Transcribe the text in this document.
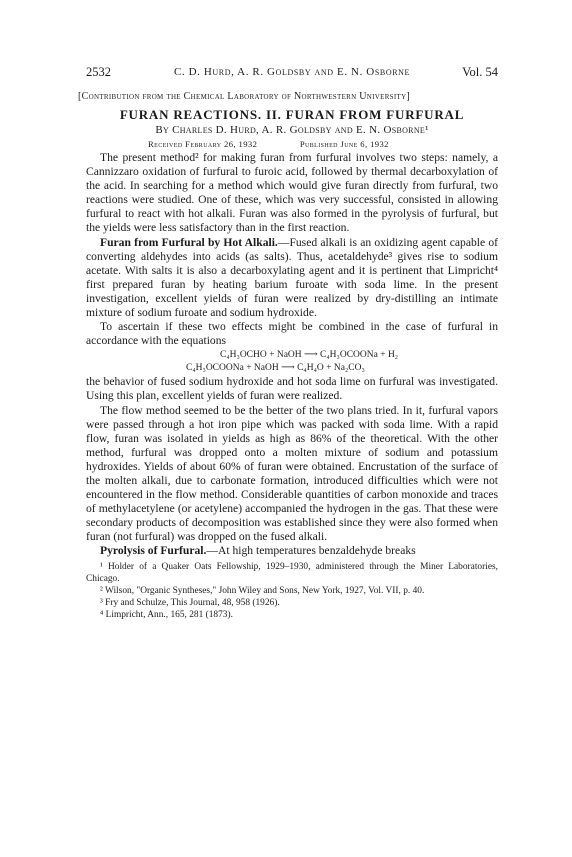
2532	C. D. Hurd, A. R. Goldsby and E. N. Osborne	Vol. 54
[Contribution from the Chemical Laboratory of Northwestern University]
FURAN REACTIONS. II. FURAN FROM FURFURAL
By Charles D. Hurd, A. R. Goldsby and E. N. Osborne¹
Received February 26, 1932	Published June 6, 1932

The present method² for making furan from furfural involves two steps: namely, a Cannizzaro oxidation of furfural to furoic acid, followed by thermal decarboxylation of the acid. In searching for a method which would give furan directly from furfural, two reactions were studied. One of these, which was very successful, consisted in allowing furfural to react with hot alkali. Furan was also formed in the pyrolysis of furfural, but the yields were less satisfactory than in the first reaction.

Furan from Furfural by Hot Alkali.—Fused alkali is an oxidizing agent capable of converting aldehydes into acids (as salts). Thus, acetaldehyde³ gives rise to sodium acetate. With salts it is also a decarboxylating agent and it is pertinent that Limpricht⁴ first prepared furan by heating barium furoate with soda lime. In the present investigation, excellent yields of furan were realized by dry-distilling an intimate mixture of sodium furoate and sodium hydroxide.

To ascertain if these two effects might be combined in the case of furfural in accordance with the equations

C₄H₃OCHO + NaOH ⟶ C₄H₃OCOONa + H₂
C₄H₃OCOONa + NaOH ⟶ C₄H₄O + Na₂CO₃

the behavior of fused sodium hydroxide and hot soda lime on furfural was investigated. Using this plan, excellent yields of furan were realized.

The flow method seemed to be the better of the two plans tried. In it, furfural vapors were passed through a hot iron pipe which was packed with soda lime. With a rapid flow, furan was isolated in yields as high as 86% of the theoretical. With the other method, furfural was dropped onto a molten mixture of sodium and potassium hydroxides. Yields of about 60% of furan were obtained. Encrustation of the surface of the molten alkali, due to carbonate formation, introduced difficulties which were not encountered in the flow method. Considerable quantities of carbon monoxide and traces of methylacetylene (or acetylene) accompanied the hydrogen in the gas. That these were secondary products of decomposition was established since they were also formed when furan (not furfural) was dropped on the fused alkali.

Pyrolysis of Furfural.—At high temperatures benzaldehyde breaks

¹ Holder of a Quaker Oats Fellowship, 1929–1930, administered through the Miner Laboratories, Chicago.

² Wilson, "Organic Syntheses," John Wiley and Sons, New York, 1927, Vol. VII, p. 40.

³ Fry and Schulze, This Journal, 48, 958 (1926).

⁴ Limpricht, Ann., 165, 281 (1873).
